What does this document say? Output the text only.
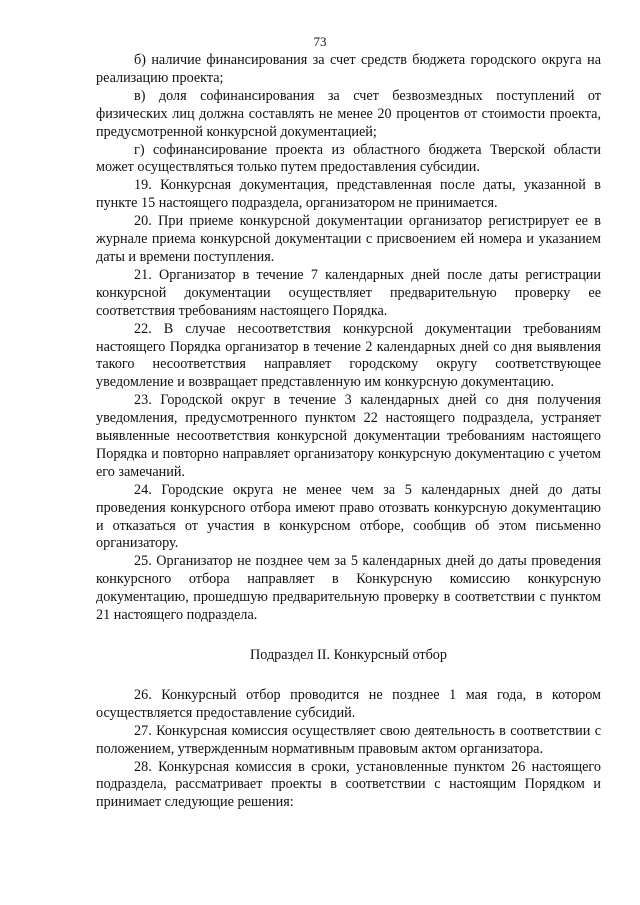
73

б) наличие финансирования за счет средств бюджета городского округа на реализацию проекта;

в) доля софинансирования за счет безвозмездных поступлений от физических лиц должна составлять не менее 20 процентов от стоимости проекта, предусмотренной конкурсной документацией;

г) софинансирование проекта из областного бюджета Тверской области может осуществляться только путем предоставления субсидии.

19. Конкурсная документация, представленная после даты, указанной в пункте 15 настоящего подраздела, организатором не принимается.

20. При приеме конкурсной документации организатор регистрирует ее в журнале приема конкурсной документации с присвоением ей номера и указанием даты и времени поступления.

21. Организатор в течение 7 календарных дней после даты регистрации конкурсной документации осуществляет предварительную проверку ее соответствия требованиям настоящего Порядка.

22. В случае несоответствия конкурсной документации требованиям настоящего Порядка организатор в течение 2 календарных дней со дня выявления такого несоответствия направляет городскому округу соответствующее уведомление и возвращает представленную им конкурсную документацию.

23. Городской округ в течение 3 календарных дней со дня получения уведомления, предусмотренного пунктом 22 настоящего подраздела, устраняет выявленные несоответствия конкурсной документации требованиям настоящего Порядка и повторно направляет организатору конкурсную документацию с учетом его замечаний.

24. Городские округа не менее чем за 5 календарных дней до даты проведения конкурсного отбора имеют право отозвать конкурсную документацию и отказаться от участия в конкурсном отборе, сообщив об этом письменно организатору.

25. Организатор не позднее чем за 5 календарных дней до даты проведения конкурсного отбора направляет в Конкурсную комиссию конкурсную документацию, прошедшую предварительную проверку в соответствии с пунктом 21 настоящего подраздела.

Подраздел II. Конкурсный отбор

26. Конкурсный отбор проводится не позднее 1 мая года, в котором осуществляется предоставление субсидий.

27. Конкурсная комиссия осуществляет свою деятельность в соответствии с положением, утвержденным нормативным правовым актом организатора.

28. Конкурсная комиссия в сроки, установленные пунктом 26 настоящего подраздела, рассматривает проекты в соответствии с настоящим Порядком и принимает следующие решения:
